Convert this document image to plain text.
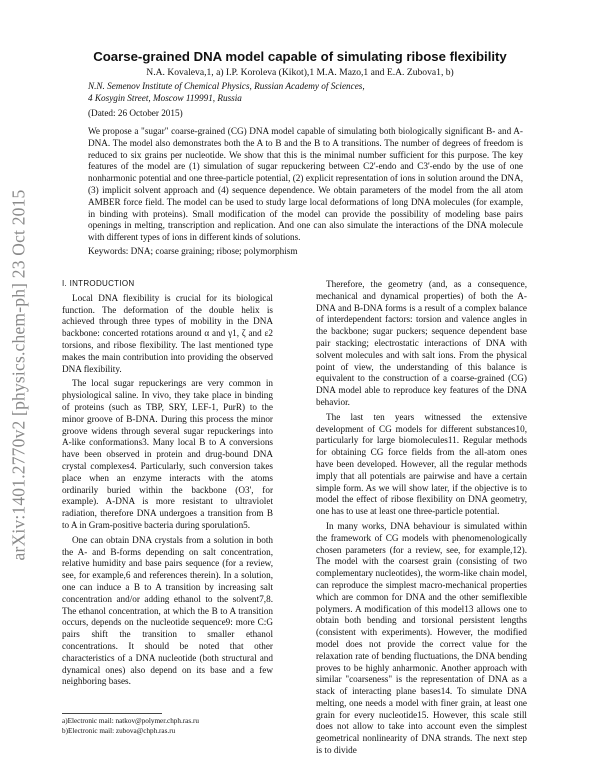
arXiv:1401.2770v2 [physics.chem-ph] 23 Oct 2015
Coarse-grained DNA model capable of simulating ribose flexibility
N.A. Kovaleva,1, a) I.P. Koroleva (Kikot),1 M.A. Mazo,1 and E.A. Zubova1, b)
N.N. Semenov Institute of Chemical Physics, Russian Academy of Sciences,
4 Kosygin Street, Moscow 119991, Russia
(Dated: 26 October 2015)
We propose a "sugar" coarse-grained (CG) DNA model capable of simulating both biologically significant B- and A-DNA. The model also demonstrates both the A to B and the B to A transitions. The number of degrees of freedom is reduced to six grains per nucleotide. We show that this is the minimal number sufficient for this purpose. The key features of the model are (1) simulation of sugar repuckering between C2'-endo and C3'-endo by the use of one nonharmonic potential and one three-particle potential, (2) explicit representation of ions in solution around the DNA, (3) implicit solvent approach and (4) sequence dependence. We obtain parameters of the model from the all atom AMBER force field. The model can be used to study large local deformations of long DNA molecules (for example, in binding with proteins). Small modification of the model can provide the possibility of modeling base pairs openings in melting, transcription and replication. And one can also simulate the interactions of the DNA molecule with different types of ions in different kinds of solutions.
Keywords: DNA; coarse graining; ribose; polymorphism

I. INTRODUCTION

Local DNA flexibility is crucial for its biological function. The deformation of the double helix is achieved through three types of mobility in the DNA backbone: concerted rotations around α and γ1, ζ and ε2 torsions, and ribose flexibility. The last mentioned type makes the main contribution into providing the observed DNA flexibility.

The local sugar repuckerings are very common in physiological saline. In vivo, they take place in binding of proteins (such as TBP, SRY, LEF-1, PurR) to the minor groove of B-DNA. During this process the minor groove widens through several sugar repuckerings into A-like conformations3. Many local B to A conversions have been observed in protein and drug-bound DNA crystal complexes4. Particularly, such conversion takes place when an enzyme interacts with the atoms ordinarily buried within the backbone (O3', for example). A-DNA is more resistant to ultraviolet radiation, therefore DNA undergoes a transition from B to A in Gram-positive bacteria during sporulation5.

One can obtain DNA crystals from a solution in both the A- and B-forms depending on salt concentration, relative humidity and base pairs sequence (for a review, see, for example,6 and references therein). In a solution, one can induce a B to A transition by increasing salt concentration and/or adding ethanol to the solvent7,8. The ethanol concentration, at which the B to A transition occurs, depends on the nucleotide sequence9: more C:G pairs shift the transition to smaller ethanol concentrations. It should be noted that other characteristics of a DNA nucleotide (both structural and dynamical ones) also depend on its base and a few neighboring bases.

Therefore, the geometry (and, as a consequence, mechanical and dynamical properties) of both the A-DNA and B-DNA forms is a result of a complex balance of interdependent factors: torsion and valence angles in the backbone; sugar puckers; sequence dependent base pair stacking; electrostatic interactions of DNA with solvent molecules and with salt ions. From the physical point of view, the understanding of this balance is equivalent to the construction of a coarse-grained (CG) DNA model able to reproduce key features of the DNA behavior.

The last ten years witnessed the extensive development of CG models for different substances10, particularly for large biomolecules11. Regular methods for obtaining CG force fields from the all-atom ones have been developed. However, all the regular methods imply that all potentials are pairwise and have a certain simple form. As we will show later, if the objective is to model the effect of ribose flexibility on DNA geometry, one has to use at least one three-particle potential.

In many works, DNA behaviour is simulated within the framework of CG models with phenomenologically chosen parameters (for a review, see, for example,12). The model with the coarsest grain (consisting of two complementary nucleotides), the worm-like chain model, can reproduce the simplest macro-mechanical properties which are common for DNA and the other semiflexible polymers. A modification of this model13 allows one to obtain both bending and torsional persistent lengths (consistent with experiments). However, the modified model does not provide the correct value for the relaxation rate of bending fluctuations, the DNA bending proves to be highly anharmonic. Another approach with similar "coarseness" is the representation of DNA as a stack of interacting plane bases14. To simulate DNA melting, one needs a model with finer grain, at least one grain for every nucleotide15. However, this scale still does not allow to take into account even the simplest geometrical nonlinearity of DNA strands. The next step is to divide

a)Electronic mail: natkov@polymer.chph.ras.ru
b)Electronic mail: zubova@chph.ras.ru
